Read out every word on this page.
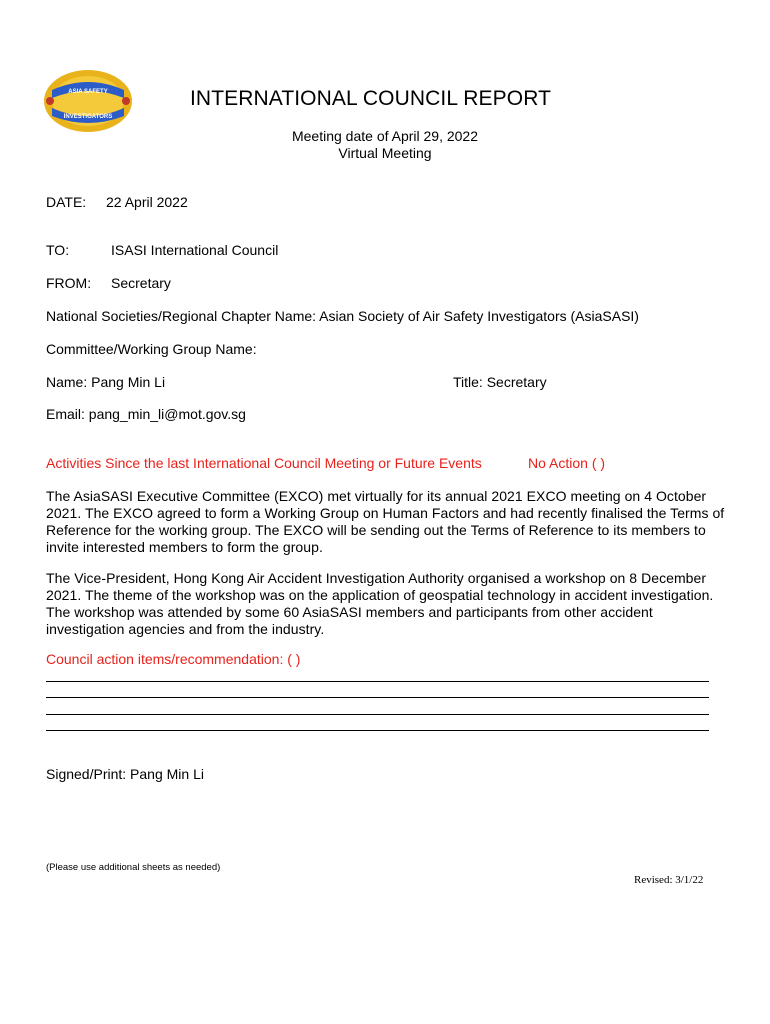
ASIA SAFETY
INVESTIGATORS
INTERNATIONAL COUNCIL REPORT
Meeting date of April 29, 2022
Virtual Meeting
DATE: 22 April 2022
TO:	ISASI International Council
FROM: Secretary
National Societies/Regional Chapter Name: Asian Society of Air Safety Investigators (AsiaSASI)
Committee/Working Group Name:
Name: Pang Min Li	Title: Secretary
Email: pang_min_li@mot.gov.sg
Activities Since the last International Council Meeting or Future Events	No Action ( )
The AsiaSASI Executive Committee (EXCO) met virtually for its annual 2021 EXCO meeting on 4 October 2021. The EXCO agreed to form a Working Group on Human Factors and had recently finalised the Terms of Reference for the working group. The EXCO will be sending out the Terms of Reference to its members to invite interested members to form the group.
The Vice-President, Hong Kong Air Accident Investigation Authority organised a workshop on 8 December 2021. The theme of the workshop was on the application of geospatial technology in accident investigation. The workshop was attended by some 60 AsiaSASI members and participants from other accident investigation agencies and from the industry.
Council action items/recommendation: ( )
Signed/Print: Pang Min Li
(Please use additional sheets as needed)
Revised: 3/1/22
